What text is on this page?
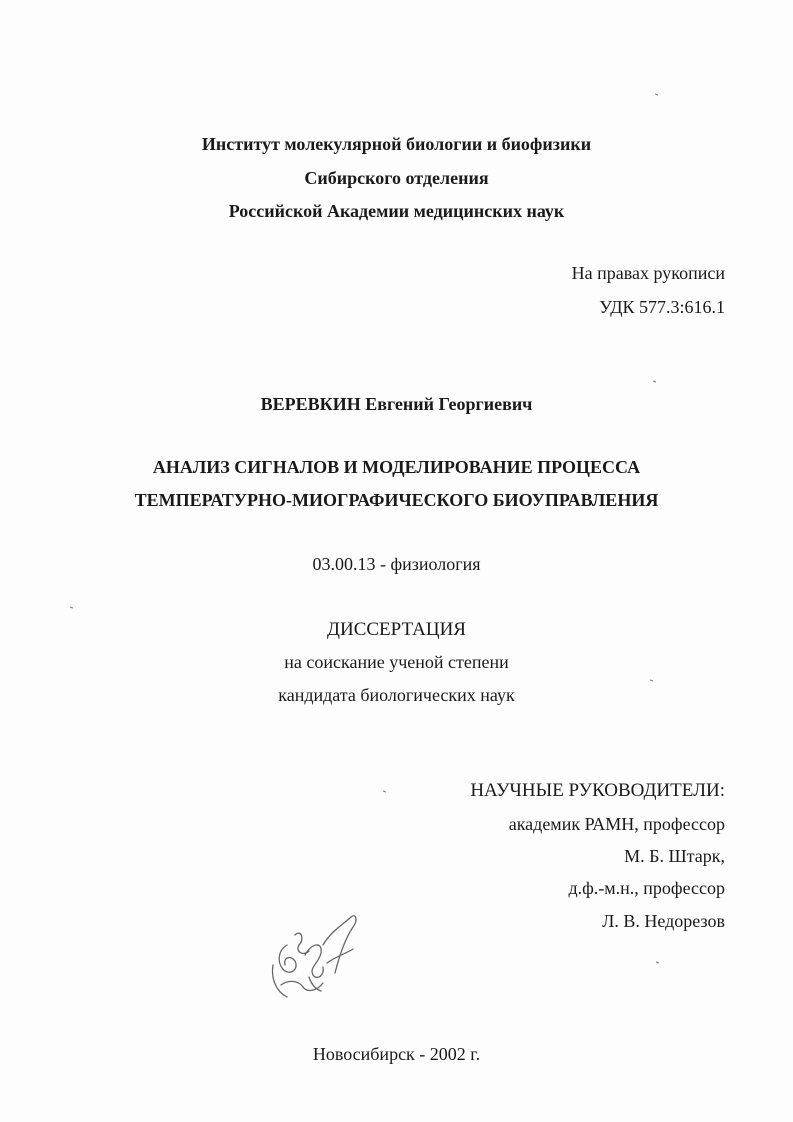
Институт молекулярной биологии и биофизики
Сибирского отделения
Российской Академии медицинских наук
На правах рукописи
УДК 577.3:616.1
ВЕРЕВКИН Евгений Георгиевич
АНАЛИЗ СИГНАЛОВ И МОДЕЛИРОВАНИЕ ПРОЦЕССА
ТЕМПЕРАТУРНО-МИОГРАФИЧЕСКОГО БИОУПРАВЛЕНИЯ
03.00.13 - физиология
ДИССЕРТАЦИЯ
на соискание ученой степени
кандидата биологических наук
НАУЧНЫЕ РУКОВОДИТЕЛИ:
академик РАМН, профессор
М. Б. Штарк,
д.ф.-м.н., профессор
Л. В. Недорезов
Новосибирск - 2002 г.
